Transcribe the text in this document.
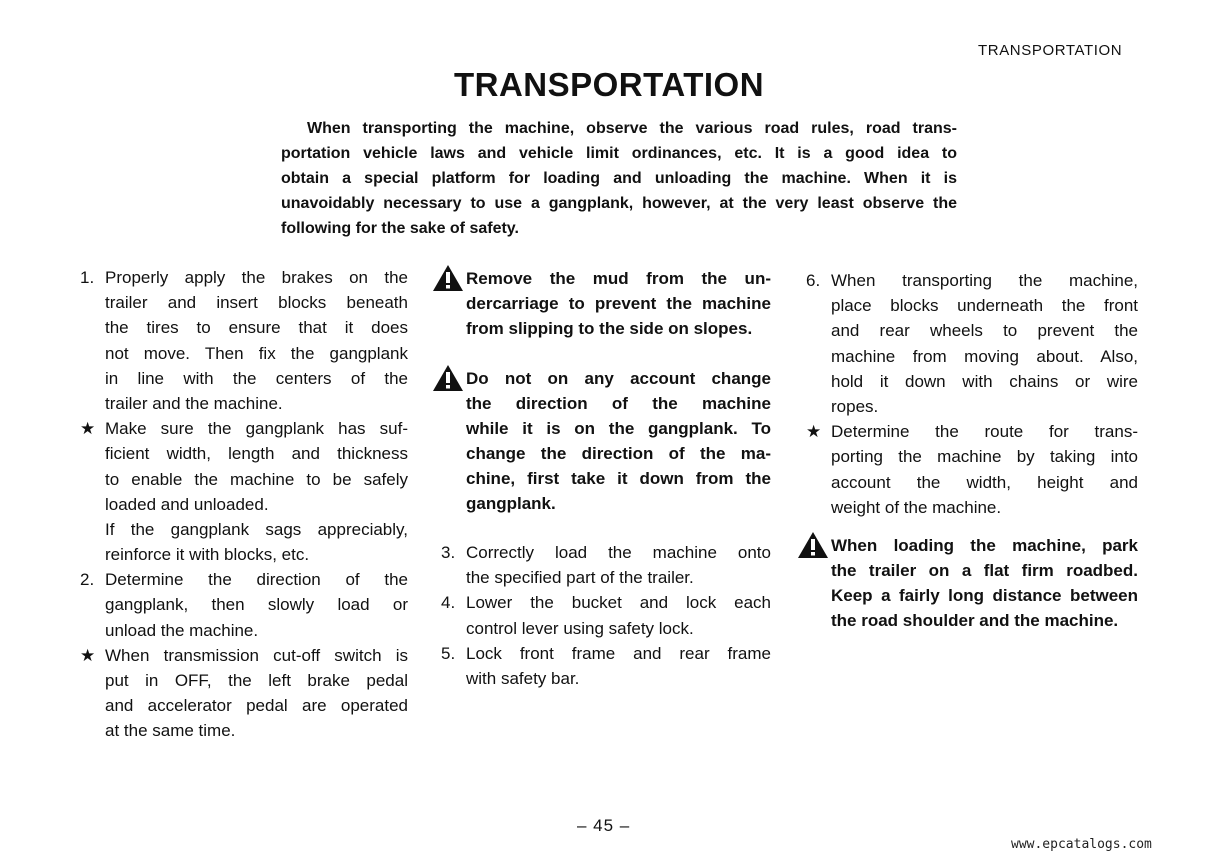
TRANSPORTATION
TRANSPORTATION
When transporting the machine, observe the various road rules, road trans-
portation vehicle laws and vehicle limit ordinances, etc. It is a good idea to
obtain a special platform for loading and unloading the machine. When it is
unavoidably necessary to use a gangplank, however, at the very least observe the
following for the sake of safety.
1. Properly apply the brakes on the
trailer and insert blocks beneath
the tires to ensure that it does
not move. Then fix the gangplank
in line with the centers of the
trailer and the machine.
★ Make sure the gangplank has suf-
ficient width, length and thickness
to enable the machine to be safely
loaded and unloaded.
If the gangplank sags appreciably,
reinforce it with blocks, etc.
2. Determine the direction of the
gangplank, then slowly load or
unload the machine.
★ When transmission cut-off switch is
put in OFF, the left brake pedal
and accelerator pedal are operated
at the same time.
Remove the mud from the un-
dercarriage to prevent the machine
from slipping to the side on slopes.
Do not on any account change
the direction of the machine
while it is on the gangplank. To
change the direction of the ma-
chine, first take it down from the
gangplank.
3. Correctly load the machine onto
the specified part of the trailer.
4. Lower the bucket and lock each
control lever using safety lock.
5. Lock front frame and rear frame
with safety bar.
6. When transporting the machine,
place blocks underneath the front
and rear wheels to prevent the
machine from moving about. Also,
hold it down with chains or wire
ropes.
★ Determine the route for trans-
porting the machine by taking into
account the width, height and
weight of the machine.
When loading the machine, park
the trailer on a flat firm roadbed.
Keep a fairly long distance between
the road shoulder and the machine.
– 45 –
www.epcatalogs.com
